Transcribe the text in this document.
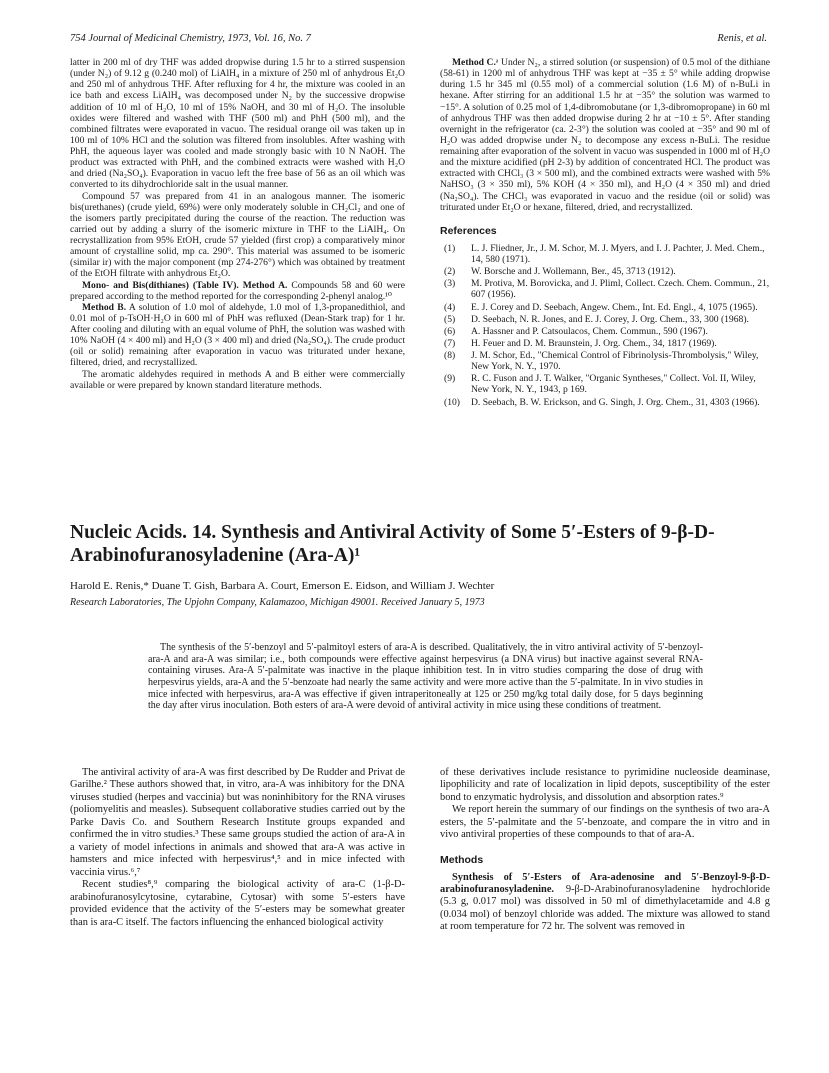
754 Journal of Medicinal Chemistry, 1973, Vol. 16, No. 7	Renis, et al.

latter in 200 ml of dry THF was added dropwise during 1.5 hr to a stirred suspension (under N₂) of 9.12 g (0.240 mol) of LiAlH₄ in a mixture of 250 ml of anhydrous Et₂O and 250 ml of anhydrous THF. After refluxing for 4 hr, the mixture was cooled in an ice bath and excess LiAlH₄ was decomposed under N₂ by the successive dropwise addition of 10 ml of H₂O, 10 ml of 15% NaOH, and 30 ml of H₂O. The insoluble oxides were filtered and washed with THF (500 ml) and PhH (500 ml), and the combined filtrates were evaporated in vacuo. The residual orange oil was taken up in 100 ml of 10% HCl and the solution was filtered from insolubles. After washing with PhH, the aqueous layer was cooled and made strongly basic with 10 N NaOH. The product was extracted with PhH, and the combined extracts were washed with H₂O and dried (Na₂SO₄). Evaporation in vacuo left the free base of 56 as an oil which was converted to its dihydrochloride salt in the usual manner.

Compound 57 was prepared from 41 in an analogous manner. The isomeric bis(urethanes) (crude yield, 69%) were only moderately soluble in CH₂Cl₂ and one of the isomers partly precipitated during the course of the reaction. The reduction was carried out by adding a slurry of the isomeric mixture in THF to the LiAlH₄. On recrystallization from 95% EtOH, crude 57 yielded (first crop) a comparatively minor amount of crystalline solid, mp ca. 290°. This material was assumed to be isomeric (similar ir) with the major component (mp 274-276°) which was obtained by treatment of the EtOH filtrate with anhydrous Et₂O.

Mono- and Bis(dithianes) (Table IV). Method A. Compounds 58 and 60 were prepared according to the method reported for the corresponding 2-phenyl analog.¹⁰

Method B. A solution of 1.0 mol of aldehyde, 1.0 mol of 1,3-propanedithiol, and 0.01 mol of p-TsOH·H₂O in 600 ml of PhH was refluxed (Dean-Stark trap) for 1 hr. After cooling and diluting with an equal volume of PhH, the solution was washed with 10% NaOH (4 × 400 ml) and H₂O (3 × 400 ml) and dried (Na₂SO₄). The crude product (oil or solid) remaining after evaporation in vacuo was triturated under hexane, filtered, dried, and recrystallized.

The aromatic aldehydes required in methods A and B either were commercially available or were prepared by known standard literature methods.

Method C.ᵃ Under N₂, a stirred solution (or suspension) of 0.5 mol of the dithiane (58-61) in 1200 ml of anhydrous THF was kept at −35 ± 5° while adding dropwise during 1.5 hr 345 ml (0.55 mol) of a commercial solution (1.6 M) of n-BuLi in hexane. After stirring for an additional 1.5 hr at −35° the solution was warmed to −15°. A solution of 0.25 mol of 1,4-dibromobutane (or 1,3-dibromopropane) in 60 ml of anhydrous THF was then added dropwise during 2 hr at −10 ± 5°. After standing overnight in the refrigerator (ca. 2-3°) the solution was cooled at −35° and 90 ml of H₂O was added dropwise under N₂ to decompose any excess n-BuLi. The residue remaining after evaporation of the solvent in vacuo was suspended in 1000 ml of H₂O and the mixture acidified (pH 2-3) by addition of concentrated HCl. The product was extracted with CHCl₃ (3 × 500 ml), and the combined extracts were washed with 5% NaHSO₃ (3 × 350 ml), 5% KOH (4 × 350 ml), and H₂O (4 × 350 ml) and dried (Na₂SO₄). The CHCl₃ was evaporated in vacuo and the residue (oil or solid) was triturated under Et₂O or hexane, filtered, dried, and recrystallized.

References
(1) L. J. Fliedner, Jr., J. M. Schor, M. J. Myers, and I. J. Pachter, J. Med. Chem., 14, 580 (1971).
(2) W. Borsche and J. Wollemann, Ber., 45, 3713 (1912).
(3) M. Protiva, M. Borovicka, and J. Pliml, Collect. Czech. Chem. Commun., 21, 607 (1956).
(4) E. J. Corey and D. Seebach, Angew. Chem., Int. Ed. Engl., 4, 1075 (1965).
(5) D. Seebach, N. R. Jones, and E. J. Corey, J. Org. Chem., 33, 300 (1968).
(6) A. Hassner and P. Catsoulacos, Chem. Commun., 590 (1967).
(7) H. Feuer and D. M. Braunstein, J. Org. Chem., 34, 1817 (1969).
(8) J. M. Schor, Ed., "Chemical Control of Fibrinolysis-Thrombolysis," Wiley, New York, N. Y., 1970.
(9) R. C. Fuson and J. T. Walker, "Organic Syntheses," Collect. Vol. II, Wiley, New York, N. Y., 1943, p 169.
(10) D. Seebach, B. W. Erickson, and G. Singh, J. Org. Chem., 31, 4303 (1966).
Nucleic Acids. 14. Synthesis and Antiviral Activity of Some 5′-Esters of 9-β-D-Arabinofuranosyladenine (Ara-A)¹
Harold E. Renis,* Duane T. Gish, Barbara A. Court, Emerson E. Eidson, and William J. Wechter
Research Laboratories, The Upjohn Company, Kalamazoo, Michigan 49001. Received January 5, 1973

The synthesis of the 5′-benzoyl and 5′-palmitoyl esters of ara-A is described. Qualitatively, the in vitro antiviral activity of 5′-benzoyl-ara-A and ara-A was similar; i.e., both compounds were effective against herpesvirus (a DNA virus) but inactive against several RNA-containing viruses. Ara-A 5′-palmitate was inactive in the plaque inhibition test. In in vitro studies comparing the dose of drug with herpesvirus yields, ara-A and the 5′-benzoate had nearly the same activity and were more active than the 5′-palmitate. In in vivo studies in mice infected with herpesvirus, ara-A was effective if given intraperitoneally at 125 or 250 mg/kg total daily dose, for 5 days beginning the day after virus inoculation. Both esters of ara-A were devoid of antiviral activity in mice using these conditions of treatment.

The antiviral activity of ara-A was first described by De Rudder and Privat de Garilhe.² These authors showed that, in vitro, ara-A was inhibitory for the DNA viruses studied (herpes and vaccinia) but was noninhibitory for the RNA viruses (poliomyelitis and measles). Subsequent collaborative studies carried out by the Parke Davis Co. and Southern Research Institute groups expanded and confirmed the in vitro studies.³ These same groups studied the action of ara-A in a variety of model infections in animals and showed that ara-A was active in hamsters and mice infected with herpesvirus⁴,⁵ and in mice infected with vaccinia virus.⁶,⁷

Recent studies⁸,⁹ comparing the biological activity of ara-C (1-β-D-arabinofuranosylcytosine, cytarabine, Cytosar) with some 5′-esters have provided evidence that the activity of the 5′-esters may be somewhat greater than is ara-C itself. The factors influencing the enhanced biological activity

of these derivatives include resistance to pyrimidine nucleoside deaminase, lipophilicity and rate of localization in lipid depots, susceptibility of the ester bond to enzymatic hydrolysis, and dissolution and absorption rates.⁹

We report herein the summary of our findings on the synthesis of two ara-A esters, the 5′-palmitate and the 5′-benzoate, and compare the in vitro and in vivo antiviral properties of these compounds to that of ara-A.

Methods

Synthesis of 5′-Esters of Ara-adenosine and 5′-Benzoyl-9-β-D-arabinofuranosyladenine. 9-β-D-Arabinofuranosyladenine hydrochloride (5.3 g, 0.017 mol) was dissolved in 50 ml of dimethylacetamide and 4.8 g (0.034 mol) of benzoyl chloride was added. The mixture was allowed to stand at room temperature for 72 hr. The solvent was removed in
